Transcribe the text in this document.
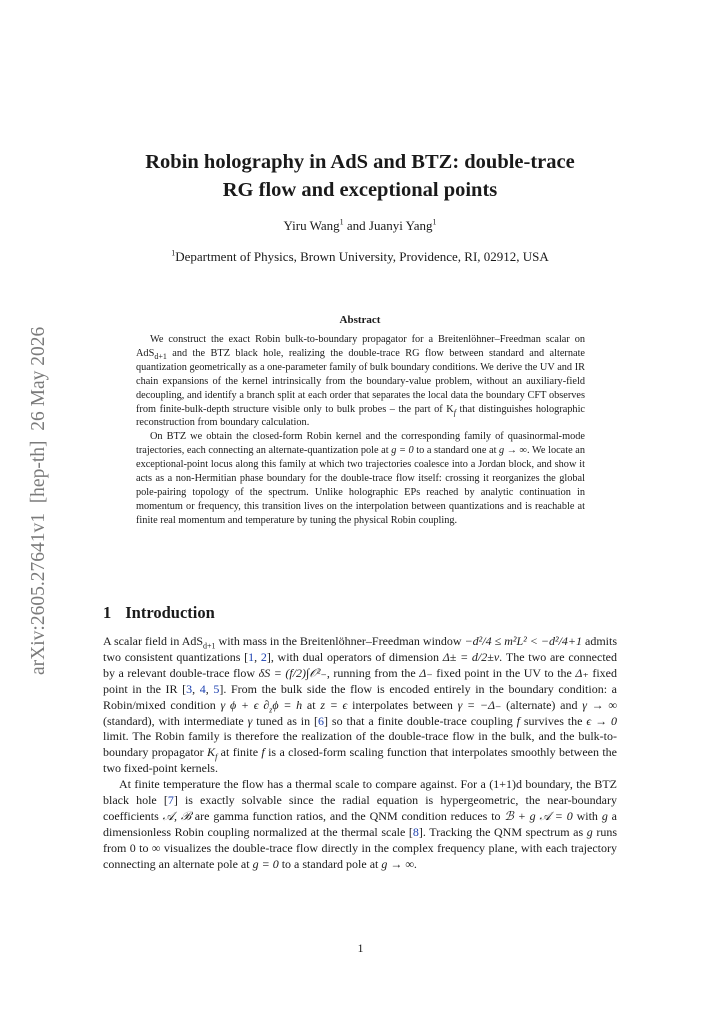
arXiv:2605.27641v1  [hep-th]  26 May 2026
Robin holography in AdS and BTZ: double-trace
RG flow and exceptional points
Yiru Wang$^1$ and Juanyi Yang$^1$
$^1$Department of Physics, Brown University, Providence, RI, 02912, USA
Abstract

We construct the exact Robin bulk-to-boundary propagator for a Breitenlöhner–Freedman scalar on AdS$_{d+1}$ and the BTZ black hole, realizing the double-trace RG flow between standard and alternate quantization geometrically as a one-parameter family of bulk boundary conditions. We derive the UV and IR chain expansions of the kernel intrinsically from the boundary-value problem, without an auxiliary-field decoupling, and identify a branch split at each order that separates the local data the boundary CFT observes from finite-bulk-depth structure visible only to bulk probes – the part of $K_f$ that distinguishes holographic reconstruction from boundary calculation.

On BTZ we obtain the closed-form Robin kernel and the corresponding family of quasinormal-mode trajectories, each connecting an alternate-quantization pole at g = 0 to a standard one at g → ∞. We locate an exceptional-point locus along this family at which two trajectories coalesce into a Jordan block, and show it acts as a non-Hermitian phase boundary for the double-trace flow itself: crossing it reorganizes the global pole-pairing topology of the spectrum. Unlike holographic EPs reached by analytic continuation in momentum or frequency, this transition lives on the interpolation between quantizations and is reachable at finite real momentum and temperature by tuning the physical Robin coupling.

1 Introduction

A scalar field in AdS$_{d+1}$ with mass in the Breitenlöhner–Freedman window −d²/4 ≤ m²L² < −d²/4+1 admits two consistent quantizations [1, 2], with dual operators of dimension Δ± = d/2±ν. The two are connected by a relevant double-trace flow δS = (f/2)∫𝒪²₋, running from the Δ₋ fixed point in the UV to the Δ₊ fixed point in the IR [3, 4, 5]. From the bulk side the flow is encoded entirely in the boundary condition: a Robin/mixed condition γ ϕ + ϵ $\partial_z\phi = h$ at z = ϵ interpolates between γ = −Δ₋ (alternate) and γ → ∞ (standard), with intermediate γ tuned as in [6] so that a finite double-trace coupling f survives the ϵ → 0 limit. The Robin family is therefore the realization of the double-trace flow in the bulk, and the bulk-to-boundary propagator $K_f$ at finite f is a closed-form scaling function that interpolates smoothly between the two fixed-point kernels.

At finite temperature the flow has a thermal scale to compare against. For a (1+1)d boundary, the BTZ black hole [7] is exactly solvable since the radial equation is hypergeometric, the near-boundary coefficients 𝒜, ℬ are gamma function ratios, and the QNM condition reduces to ℬ + g 𝒜 = 0 with g a dimensionless Robin coupling normalized at the thermal scale [8]. Tracking the QNM spectrum as g runs from 0 to ∞ visualizes the double-trace flow directly in the complex frequency plane, with each trajectory connecting an alternate pole at g = 0 to a standard pole at g → ∞.

1
